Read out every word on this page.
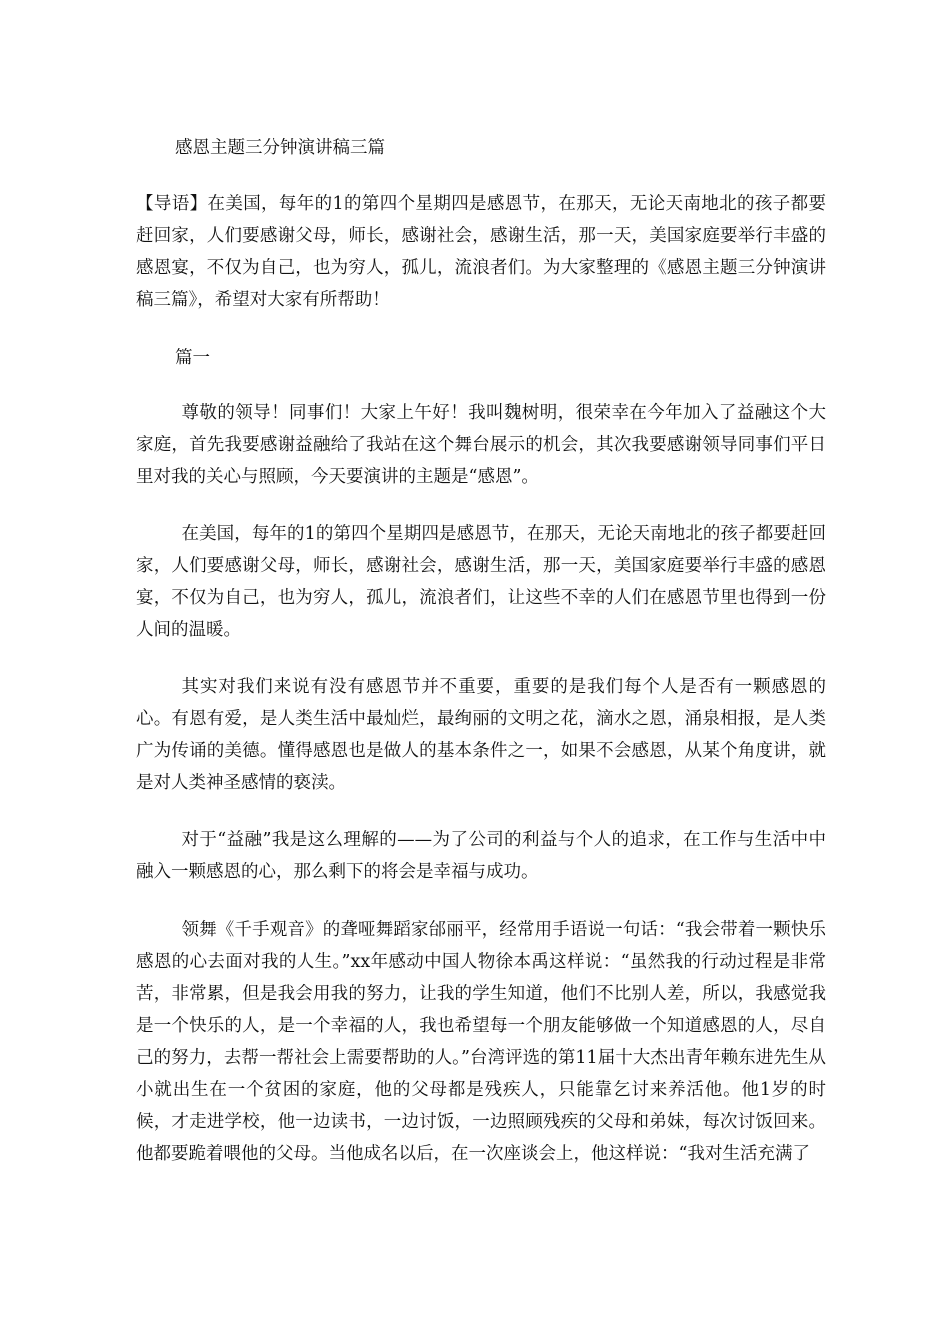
感恩主题三分钟演讲稿三篇

【导语】在美国，每年的1的第四个星期四是感恩节，在那天，无论天南地北的孩子都要赶回家，人们要感谢父母，师长，感谢社会，感谢生活，那一天，美国家庭要举行丰盛的感恩宴，不仅为自己，也为穷人，孤儿，流浪者们。为大家整理的《感恩主题三分钟演讲稿三篇》，希望对大家有所帮助！

篇一

尊敬的领导！同事们！大家上午好！我叫魏树明，很荣幸在今年加入了益融这个大家庭，首先我要感谢益融给了我站在这个舞台展示的机会，其次我要感谢领导同事们平日里对我的关心与照顾，今天要演讲的主题是“感恩”。

在美国，每年的1的第四个星期四是感恩节，在那天，无论天南地北的孩子都要赶回家，人们要感谢父母，师长，感谢社会，感谢生活，那一天，美国家庭要举行丰盛的感恩宴，不仅为自己，也为穷人，孤儿，流浪者们，让这些不幸的人们在感恩节里也得到一份人间的温暖。

其实对我们来说有没有感恩节并不重要，重要的是我们每个人是否有一颗感恩的心。有恩有爱，是人类生活中最灿烂，最绚丽的文明之花，滴水之恩，涌泉相报，是人类广为传诵的美德。懂得感恩也是做人的基本条件之一，如果不会感恩，从某个角度讲，就是对人类神圣感情的亵渎。

对于“益融”我是这么理解的——为了公司的利益与个人的追求，在工作与生活中中融入一颗感恩的心，那么剩下的将会是幸福与成功。

领舞《千手观音》的聋哑舞蹈家邰丽平，经常用手语说一句话：“我会带着一颗快乐感恩的心去面对我的人生。”xx年感动中国人物徐本禹这样说：“虽然我的行动过程是非常苦，非常累，但是我会用我的努力，让我的学生知道，他们不比别人差，所以，我感觉我是一个快乐的人，是一个幸福的人，我也希望每一个朋友能够做一个知道感恩的人，尽自己的努力，去帮一帮社会上需要帮助的人。”台湾评选的第11届十大杰出青年赖东进先生从小就出生在一个贫困的家庭，他的父母都是残疾人，只能靠乞讨来养活他。他1岁的时候，才走进学校，他一边读书，一边讨饭，一边照顾残疾的父母和弟妹，每次讨饭回来。他都要跪着喂他的父母。当他成名以后，在一次座谈会上，他这样说：“我对生活充满了
